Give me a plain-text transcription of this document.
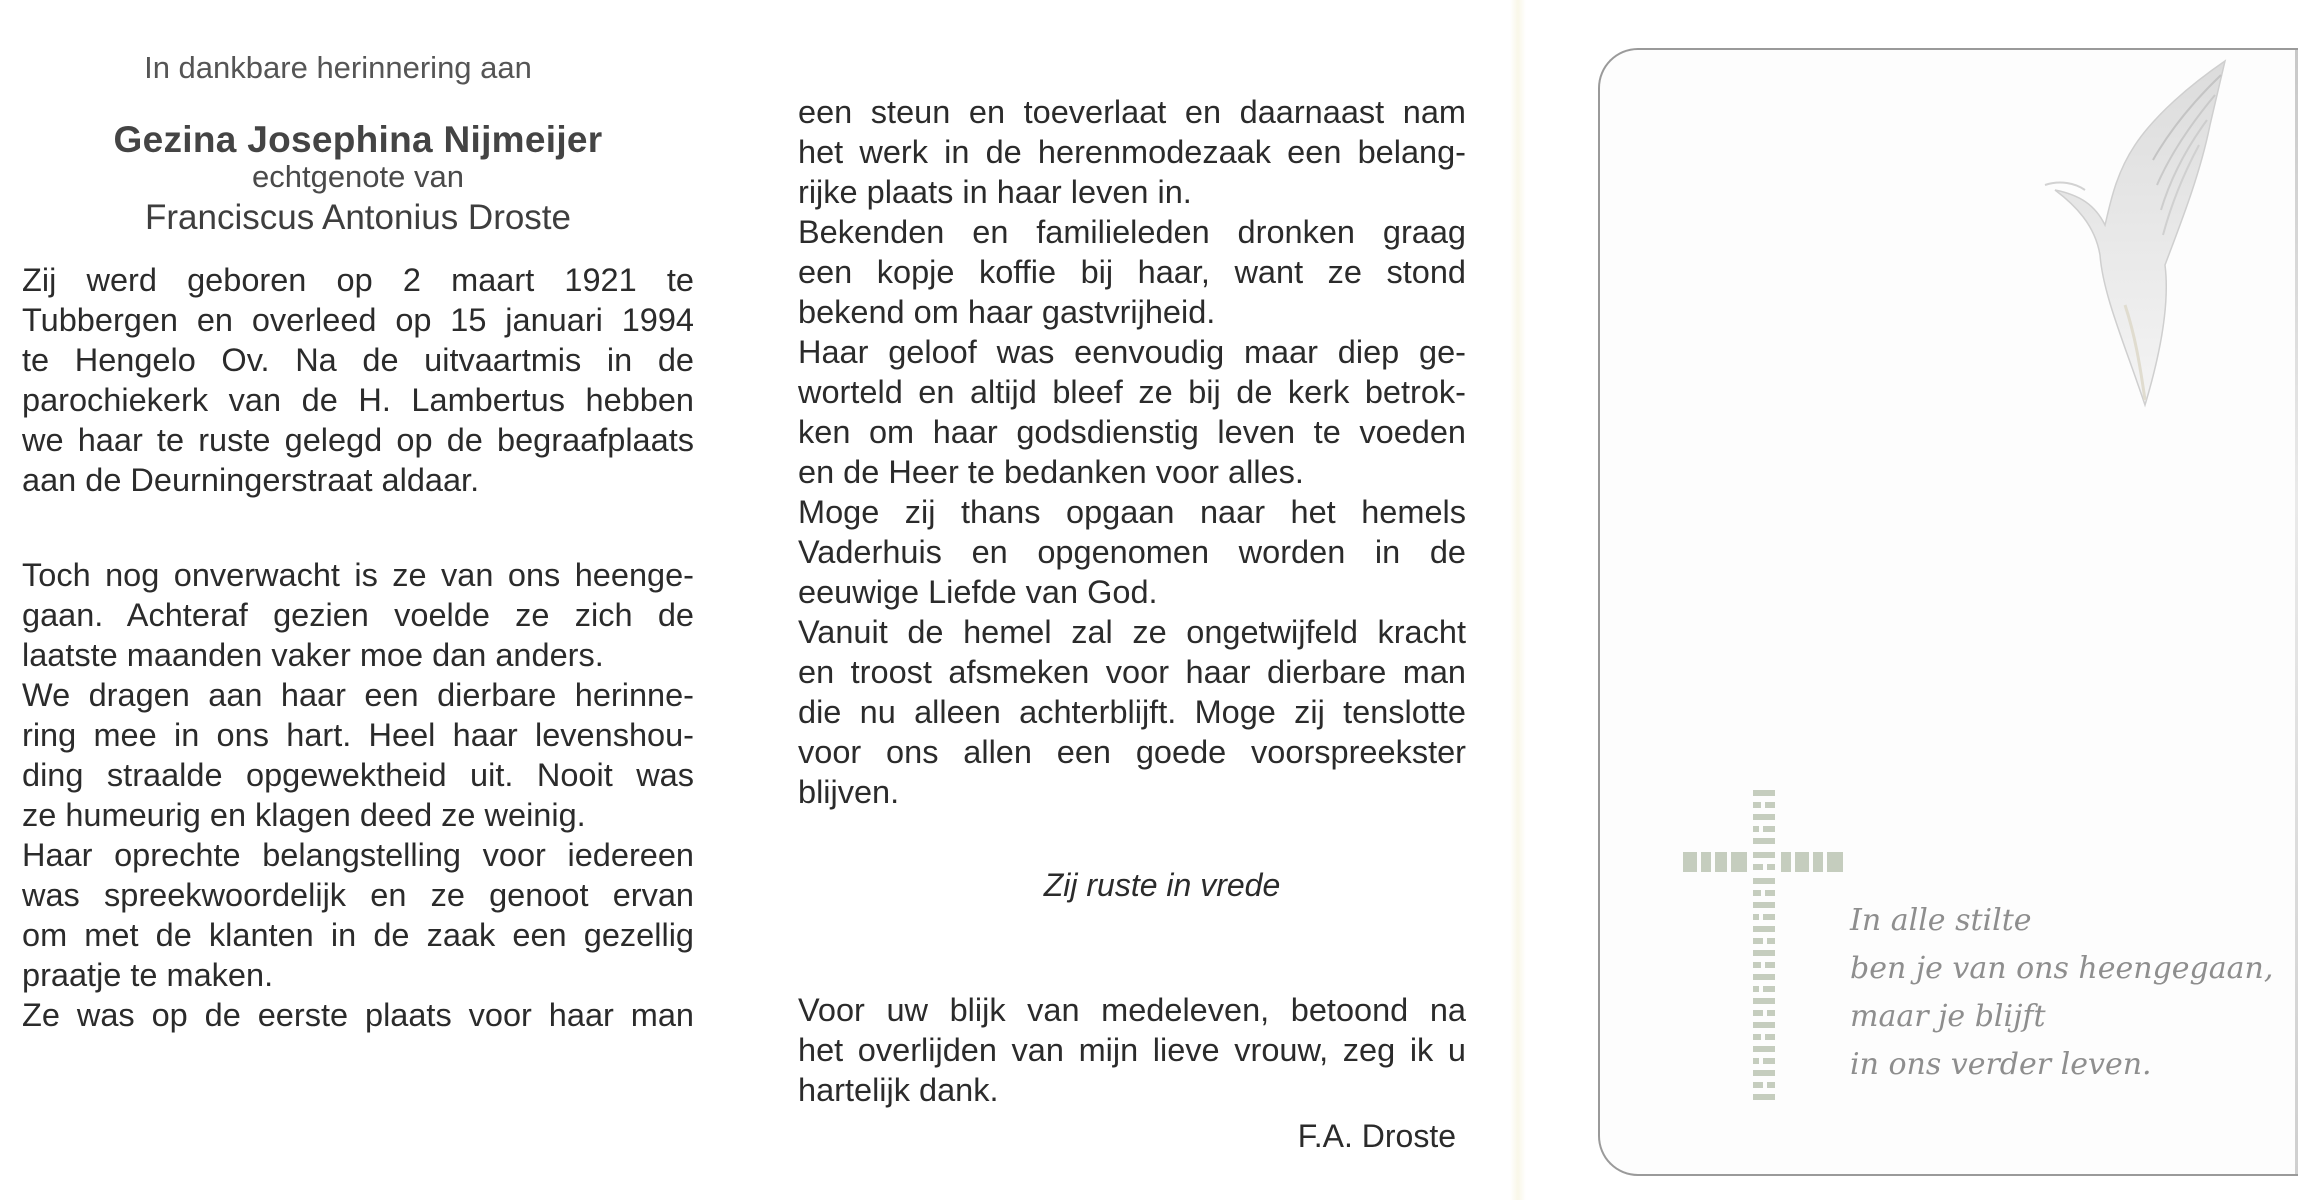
In dankbare herinnering aan
Gezina Josephina Nijmeijer
echtgenote van
Franciscus Antonius Droste
Zij werd geboren op 2 maart 1921 te
Tubbergen en overleed op 15 januari 1994
te Hengelo Ov. Na de uitvaartmis in de
parochiekerk van de H. Lambertus hebben
we haar te ruste gelegd op de begraafplaats
aan de Deurningerstraat aldaar.
Toch nog onverwacht is ze van ons heenge-
gaan. Achteraf gezien voelde ze zich de
laatste maanden vaker moe dan anders.
We dragen aan haar een dierbare herinne-
ring mee in ons hart. Heel haar levenshou-
ding straalde opgewektheid uit. Nooit was
ze humeurig en klagen deed ze weinig.
Haar oprechte belangstelling voor iedereen
was spreekwoordelijk en ze genoot ervan
om met de klanten in de zaak een gezellig
praatje te maken.
Ze was op de eerste plaats voor haar man
een steun en toeverlaat en daarnaast nam
het werk in de herenmodezaak een belang-
rijke plaats in haar leven in.
Bekenden en familieleden dronken graag
een kopje koffie bij haar, want ze stond
bekend om haar gastvrijheid.
Haar geloof was eenvoudig maar diep ge-
worteld en altijd bleef ze bij de kerk betrok-
ken om haar godsdienstig leven te voeden
en de Heer te bedanken voor alles.
Moge zij thans opgaan naar het hemels
Vaderhuis en opgenomen worden in de
eeuwige Liefde van God.
Vanuit de hemel zal ze ongetwijfeld kracht
en troost afsmeken voor haar dierbare man
die nu alleen achterblijft. Moge zij tenslotte
voor ons allen een goede voorspreekster
blijven.
Zij ruste in vrede
Voor uw blijk van medeleven, betoond na
het overlijden van mijn lieve vrouw, zeg ik u
hartelijk dank.
F.A. Droste
In alle stilte
ben je van ons heengegaan,
maar je blijft
in ons verder leven.
